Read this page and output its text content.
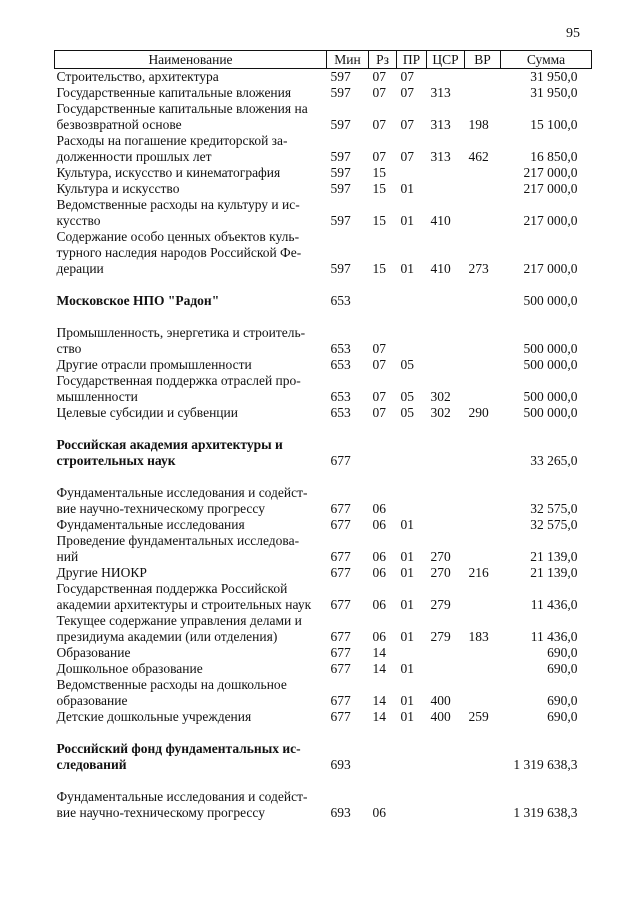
95
Наименование	Мин	Рз	ПР	ЦСР	ВР	Сумма
Строительство, архитектура	597	07	07			31 950,0
Государственные капитальные вложения	597	07	07	313		31 950,0
Государственные капитальные вложения на
безвозвратной основе	597	07	07	313	198	15 100,0
Расходы на погашение кредиторской за-
долженности прошлых лет	597	07	07	313	462	16 850,0
Культура, искусство и кинематография	597	15				217 000,0
Культура и искусство	597	15	01			217 000,0
Ведомственные расходы на культуру и ис-
кусство	597	15	01	410		217 000,0
Содержание особо ценных объектов куль-
турного наследия народов Российской Фе-
дерации	597	15	01	410	273	217 000,0

Московское НПО "Радон"	653					500 000,0

Промышленность, энергетика и строитель-
ство	653	07				500 000,0
Другие отрасли промышленности	653	07	05			500 000,0
Государственная поддержка отраслей про-
мышленности	653	07	05	302		500 000,0
Целевые субсидии и субвенции	653	07	05	302	290	500 000,0

Российская академия архитектуры и
строительных наук	677					33 265,0

Фундаментальные исследования и содейст-
вие научно-техническому прогрессу	677	06				32 575,0
Фундаментальные исследования	677	06	01			32 575,0
Проведение фундаментальных исследова-
ний	677	06	01	270		21 139,0
Другие НИОКР	677	06	01	270	216	21 139,0
Государственная поддержка Российской
академии архитектуры и строительных наук	677	06	01	279		11 436,0
Текущее содержание управления делами и
президиума академии (или отделения)	677	06	01	279	183	11 436,0
Образование	677	14				690,0
Дошкольное образование	677	14	01			690,0
Ведомственные расходы на дошкольное
образование	677	14	01	400		690,0
Детские дошкольные учреждения	677	14	01	400	259	690,0

Российский фонд фундаментальных ис-
следований	693					1 319 638,3

Фундаментальные исследования и содейст-
вие научно-техническому прогрессу	693	06				1 319 638,3
